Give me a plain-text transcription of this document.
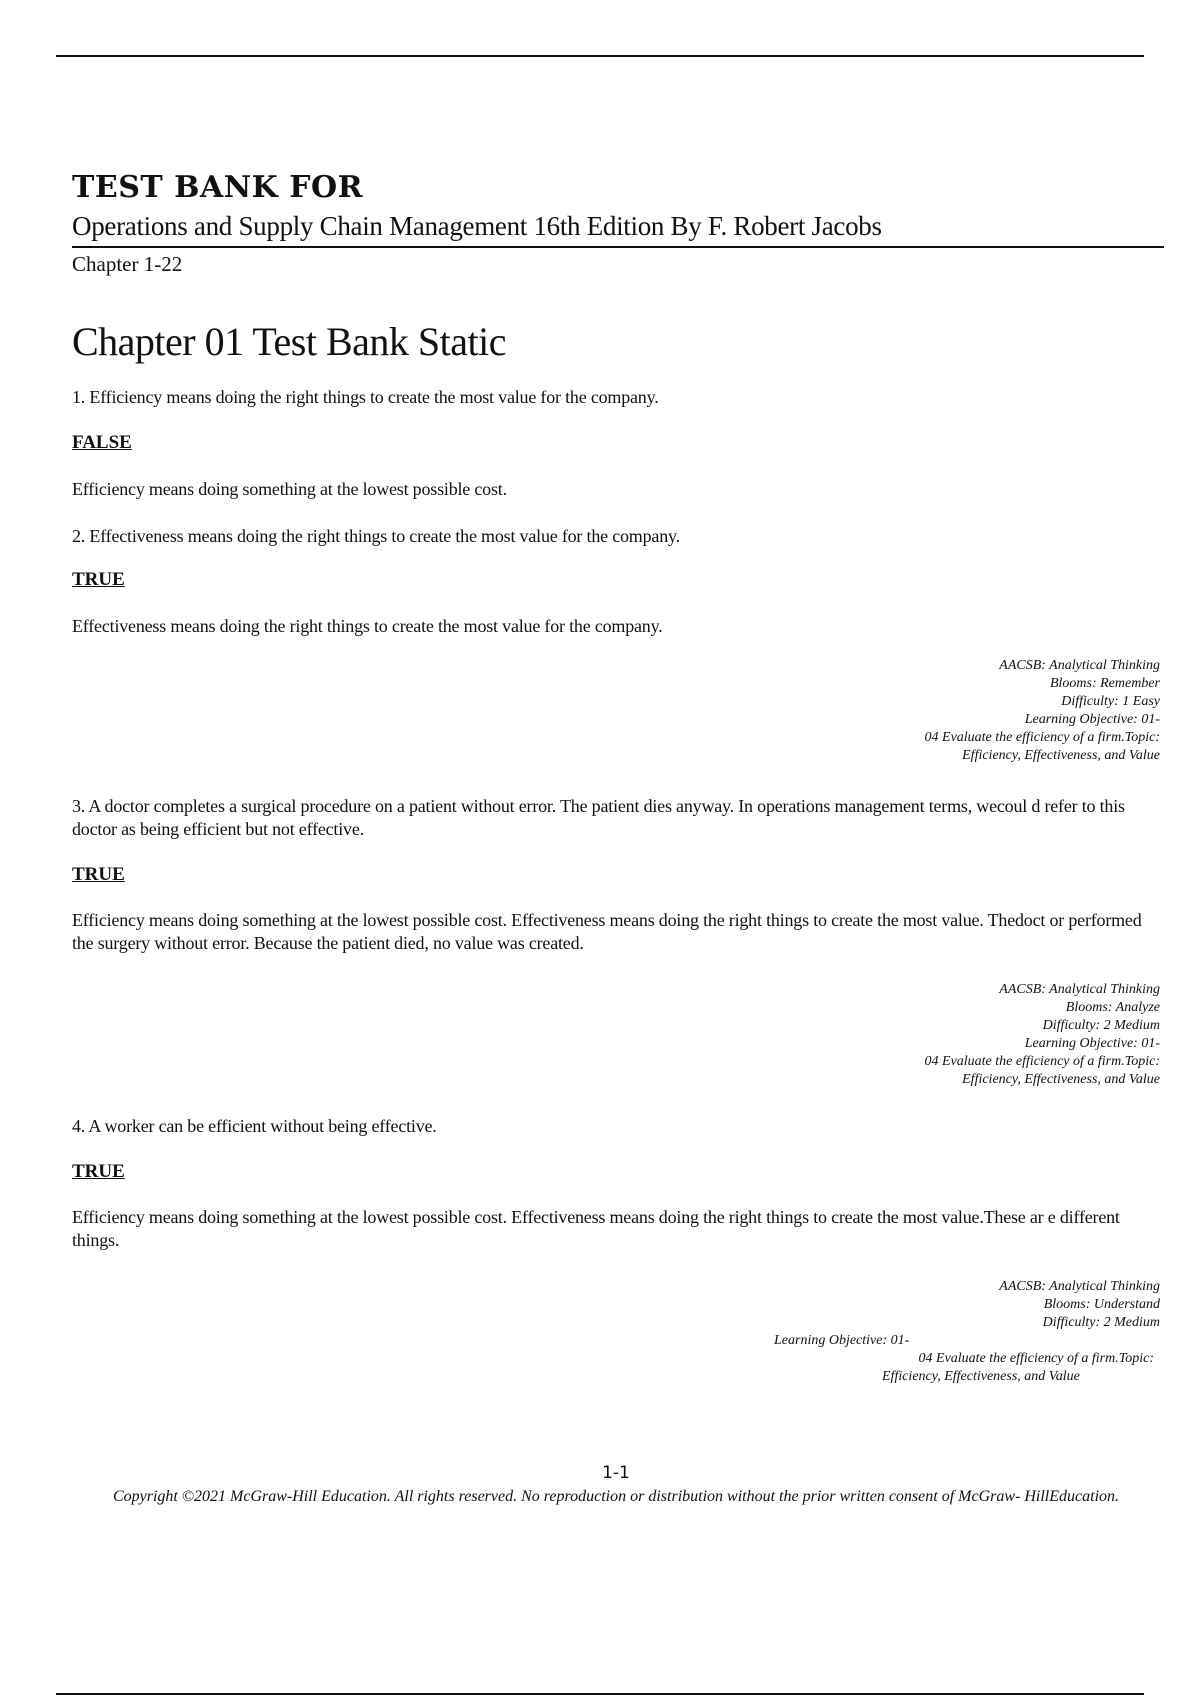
TEST BANK FOR
Operations and Supply Chain Management 16th Edition By F. Robert Jacobs
Chapter 1-22
Chapter 01 Test Bank Static

1. Efficiency means doing the right things to create the most value for the company.

FALSE

Efficiency means doing something at the lowest possible cost.

2. Effectiveness means doing the right things to create the most value for the company.

TRUE

Effectiveness means doing the right things to create the most value for the company.

AACSB: Analytical Thinking
Blooms: Remember
Difficulty: 1 Easy
Learning Objective: 01-
04 Evaluate the efficiency of a firm.Topic:
Efficiency, Effectiveness, and Value

3. A doctor completes a surgical procedure on a patient without error. The patient dies anyway. In operations management terms, wecoul d refer to this doctor as being efficient but not effective.

TRUE

Efficiency means doing something at the lowest possible cost. Effectiveness means doing the right things to create the most value. Thedoct or performed the surgery without error. Because the patient died, no value was created.

AACSB: Analytical Thinking
Blooms: Analyze
Difficulty: 2 Medium
Learning Objective: 01-
04 Evaluate the efficiency of a firm.Topic:
Efficiency, Effectiveness, and Value

4. A worker can be efficient without being effective.

TRUE

Efficiency means doing something at the lowest possible cost. Effectiveness means doing the right things to create the most value.These ar e different things.

AACSB: Analytical Thinking
Blooms: Understand
Difficulty: 2 Medium
Learning Objective: 01-
04 Evaluate the efficiency of a firm.Topic:
Efficiency, Effectiveness, and Value

1-1

Copyright ©2021 McGraw-Hill Education. All rights reserved. No reproduction or distribution without the prior written consent of McGraw- HillEducation.
